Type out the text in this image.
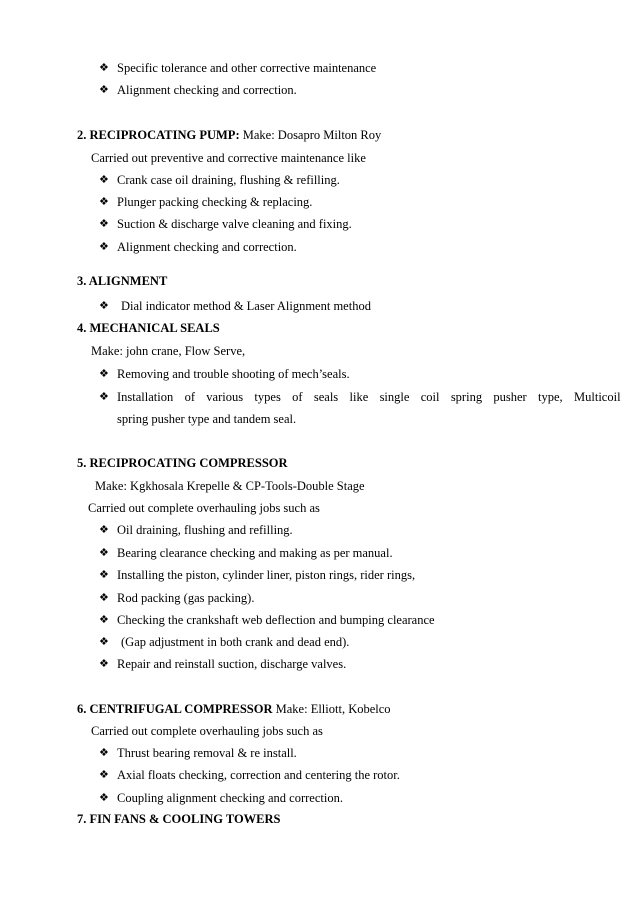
❖ Specific tolerance and other corrective maintenance
❖ Alignment checking and correction.
2. RECIPROCATING PUMP: Make: Dosapro Milton Roy
Carried out preventive and corrective maintenance like
❖ Crank case oil draining, flushing & refilling.
❖ Plunger packing checking & replacing.
❖ Suction & discharge valve cleaning and fixing.
❖ Alignment checking and correction.
3. ALIGNMENT
❖ Dial indicator method & Laser Alignment method
4. MECHANICAL SEALS
Make: john crane, Flow Serve,
❖ Removing and trouble shooting of mech’seals.
❖ Installation of various types of seals like single coil spring pusher type, Multicoil
spring pusher type and tandem seal.
5. RECIPROCATING COMPRESSOR
Make: Kgkhosala Krepelle & CP-Tools-Double Stage
Carried out complete overhauling jobs such as
❖ Oil draining, flushing and refilling.
❖ Bearing clearance checking and making as per manual.
❖ Installing the piston, cylinder liner, piston rings, rider rings,
❖ Rod packing (gas packing).
❖ Checking the crankshaft web deflection and bumping clearance
❖ (Gap adjustment in both crank and dead end).
❖ Repair and reinstall suction, discharge valves.
6. CENTRIFUGAL COMPRESSOR Make: Elliott, Kobelco
Carried out complete overhauling jobs such as
❖ Thrust bearing removal & re install.
❖ Axial floats checking, correction and centering the rotor.
❖ Coupling alignment checking and correction.
7. FIN FANS & COOLING TOWERS
